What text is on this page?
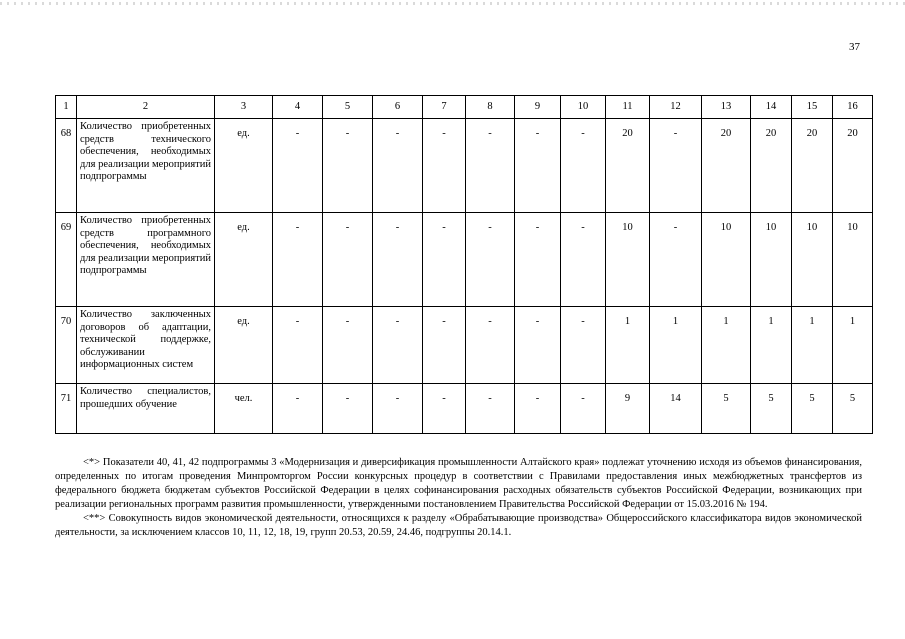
37
1	2	3	4	5	6	7	8	9	10	11	12	13	14	15	16
68	Количество приобретенных средств технического обеспечения, необходимых для реализации мероприятий подпрограммы	ед.	-	-	-	-	-	-	-	20	-	20	20	20	20
69	Количество приобретенных средств программного обеспечения, необходимых для реализации мероприятий подпрограммы	ед.	-	-	-	-	-	-	-	10	-	10	10	10	10
70	Количество заключенных договоров об адаптации, технической поддержке, обслуживании информационных систем	ед.	-	-	-	-	-	-	-	1	1	1	1	1	1
71	Количество специалистов, прошедших обучение	чел.	-	-	-	-	-	-	-	9	14	5	5	5	5

<*> Показатели 40, 41, 42 подпрограммы 3 «Модернизация и диверсификация промышленности Алтайского края» подлежат уточнению исходя из объемов финансирования, определенных по итогам проведения Минпромторгом России конкурсных процедур в соответствии с Правилами предоставления иных межбюджетных трансфертов из федерального бюджета бюджетам субъектов Российской Федерации в целях софинансирования расходных обязательств субъектов Российской Федерации, возникающих при реализации региональных программ развития промышленности, утвержденными постановлением Правительства Российской Федерации от 15.03.2016 № 194.

<**> Совокупность видов экономической деятельности, относящихся к разделу «Обрабатывающие производства» Общероссийского классификатора видов экономической деятельности, за исключением классов 10, 11, 12, 18, 19, групп 20.53, 20.59, 24.46, подгруппы 20.14.1.
